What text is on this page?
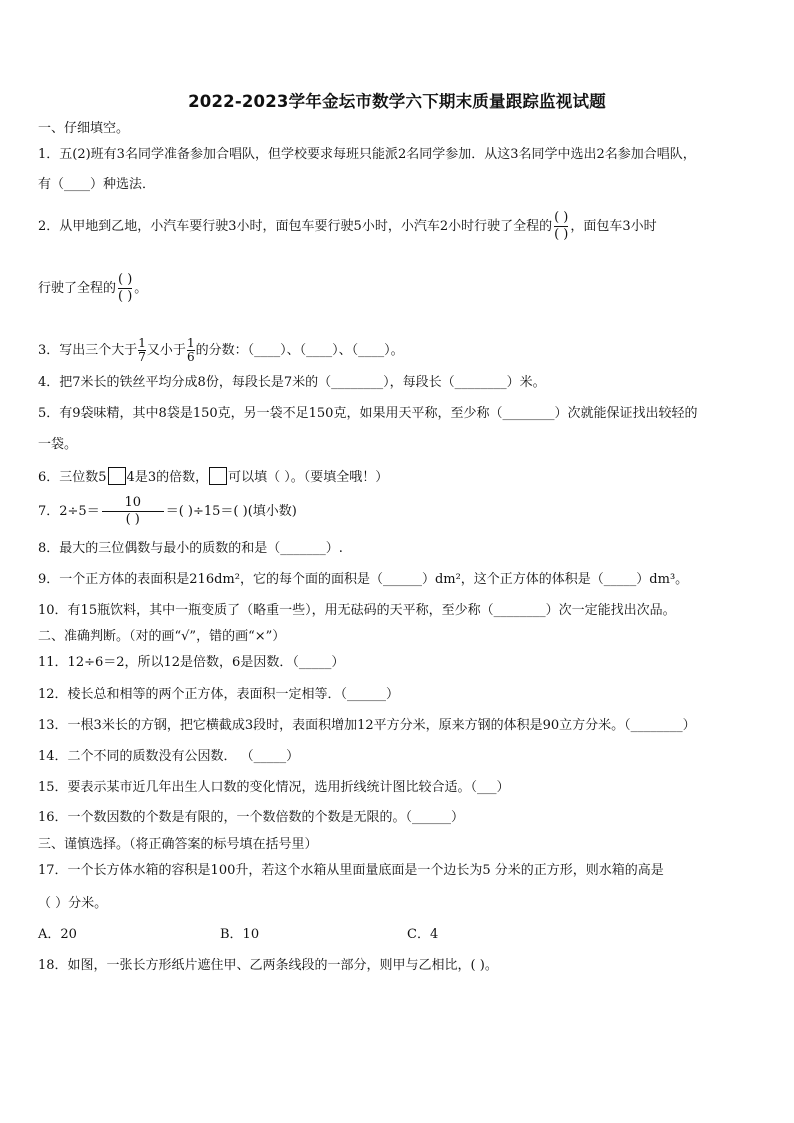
2022-2023学年金坛市数学六下期末质量跟踪监视试题
一、仔细填空。
1．五(2)班有3名同学准备参加合唱队，但学校要求每班只能派2名同学参加．从这3名同学中选出2名参加合唱队，
有（____）种选法．
2．从甲地到乙地，小汽车要行驶3小时，面包车要行驶5小时，小汽车2小时行驶了全程的 $\frac{( )}{( )}$ ，面包车3小时
行驶了全程的 $\frac{( )}{( )}$ 。
3．写出三个大于 $\frac{1}{7}$ 又小于 $\frac{1}{6}$ 的分数：（____）、（____）、（____）。
4．把7米长的铁丝平均分成8份，每段长是7米的（________），每段长（________）米。
5．有9袋味精，其中8袋是150克，另一袋不足150克，如果用天平称，至少称（________）次就能保证找出较轻的
一袋。
6．三位数5 4是3的倍数， 可以填（ ）。（要填全哦！）
7．$2\div 5= \frac{10}{( )}$ ＝( )÷15＝( )(填小数)
8．最大的三位偶数与最小的质数的和是（_______）.
9．一个正方体的表面积是216dm²，它的每个面的面积是（______）dm²，这个正方体的体积是（_____）dm³。
10．有15瓶饮料，其中一瓶变质了（略重一些），用无砝码的天平称，至少称（________）次一定能找出次品。
二、准确判断。（对的画“√”，错的画“×”）
11．12÷6＝2，所以12是倍数，6是因数．（_____）
12．棱长总和相等的两个正方体，表面积一定相等．（______）
13．一根3米长的方钢，把它横截成3段时，表面积增加12平方分米，原来方钢的体积是90立方分米。（________）
14．二个不同的质数没有公因数． （_____）
15．要表示某市近几年出生人口数的变化情况，选用折线统计图比较合适。（___）
16．一个数因数的个数是有限的，一个数倍数的个数是无限的。（______）
三、谨慎选择。（将正确答案的标号填在括号里）
17．一个长方体水箱的容积是100升，若这个水箱从里面量底面是一个边长为5 分米的正方形，则水箱的高是
（ ）分米。
A．20	B．10	C．4
18．如图，一张长方形纸片遮住甲、乙两条线段的一部分，则甲与乙相比，( )。
